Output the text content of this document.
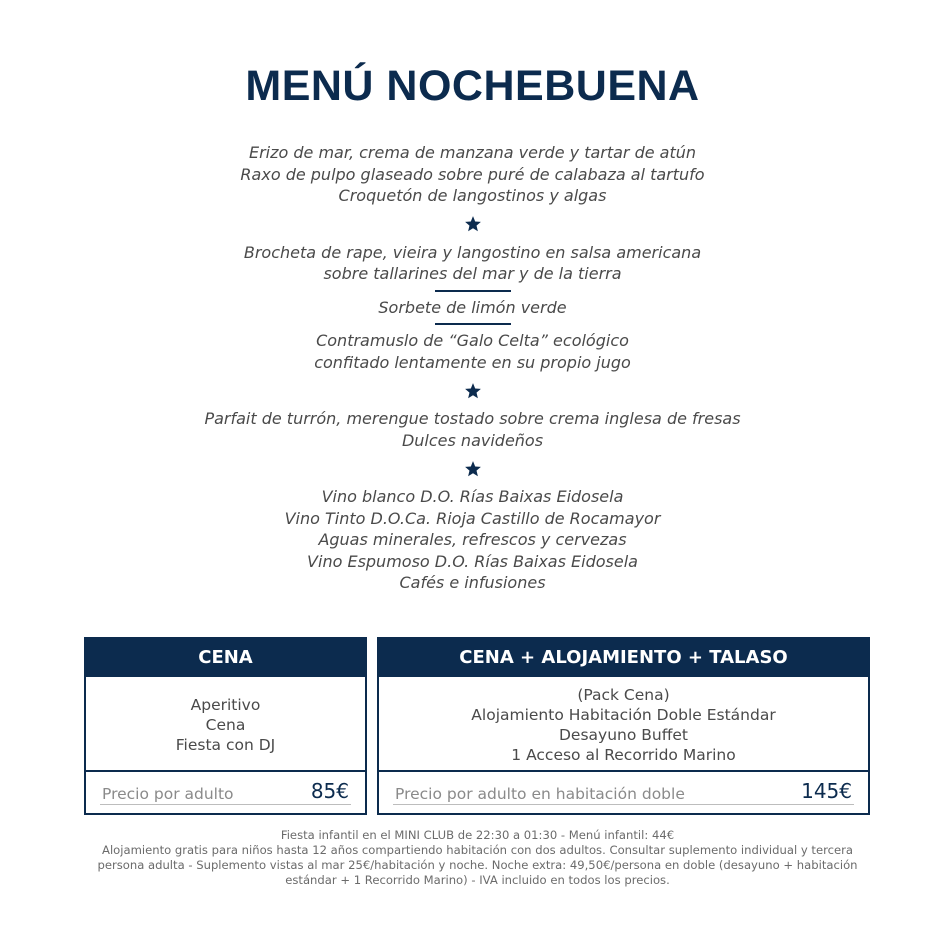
MENÚ NOCHEBUENA
Erizo de mar, crema de manzana verde y tartar de atún
Raxo de pulpo glaseado sobre puré de calabaza al tartufo
Croquetón de langostinos y algas
Brocheta de rape, vieira y langostino en salsa americana
sobre tallarines del mar y de la tierra
Sorbete de limón verde
Contramuslo de “Galo Celta” ecológico
confitado lentamente en su propio jugo
Parfait de turrón, merengue tostado sobre crema inglesa de fresas
Dulces navideños
Vino blanco D.O. Rías Baixas Eidosela
Vino Tinto D.O.Ca. Rioja Castillo de Rocamayor
Aguas minerales, refrescos y cervezas
Vino Espumoso D.O. Rías Baixas Eidosela
Cafés e infusiones
CENA
Aperitivo
Cena
Fiesta con DJ
Precio por adulto	85€
CENA + ALOJAMIENTO + TALASO
(Pack Cena)
Alojamiento Habitación Doble Estándar
Desayuno Buffet
1 Acceso al Recorrido Marino
Precio por adulto en habitación doble	145€
Fiesta infantil en el MINI CLUB de 22:30 a 01:30 - Menú infantil: 44€
Alojamiento gratis para niños hasta 12 años compartiendo habitación con dos adultos. Consultar suplemento individual y tercera persona adulta - Suplemento vistas al mar 25€/habitación y noche. Noche extra: 49,50€/persona en doble (desayuno + habitación estándar + 1 Recorrido Marino) - IVA incluido en todos los precios.
